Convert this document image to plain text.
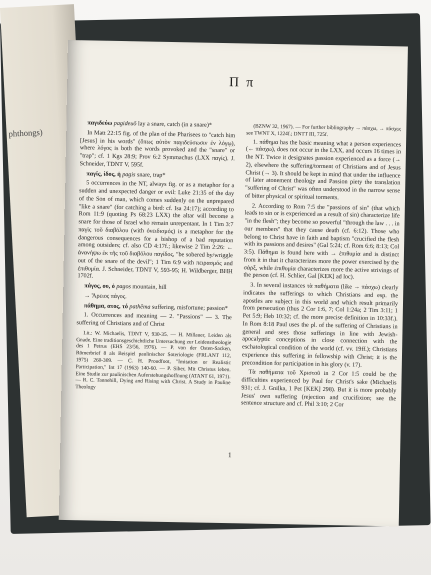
phthongs)
Π π

παγιδεύω pagideuō lay a snare, catch (in a snare)*

In Matt 22:15 fig. of the plan of the Pharisees to "catch him [Jesus] in his words" (ὅπως αὐτὸν παγιδεύσωσιν ἐν λόγῳ), where λόγος is both the words provoked and the "snare" or "trap"; cf. 1 Kgs 28:9; Prov 6:2 Symmachus (LXX παγίς). J. Schneider, TDNT V, 595f.

παγίς, ίδος, ἡ pagis snare, trap*

5 occurrences in the NT, always fig. or as a metaphor for a sudden and unexpected danger or evil: Luke 21:35 of the day of the Son of man, which comes suddenly on the unprepared "like a snare" (for catching a bird: cf. Isa 24:17); according to Rom 11:9 (quoting Ps 68:23 LXX) the altar will become a snare for those of Israel who remain unrepentant. In 1 Tim 3:7 παγὶς τοῦ διαβόλου (with ὀνειδισμός) is a metaphor for the dangerous consequences for a bishop of a bad reputation among outsiders; cf. also CD 4:17f.; likewise 2 Tim 2:26: ← ἀνανήψω ἐκ τῆς τοῦ διαβόλου παγίδος, "be sobered by/wriggle out of the snare of the devil"; 1 Tim 6:9 with πειρασμός and ἐπιθυμία. J. Schneider, TDNT V, 593-95; H. Wildberger, BHH 1702f.

πάγος, ου, ὁ pagos mountain, hill

→ Ἄρειος πάγος.

πάθημα, ατος, τό pathēma suffering, misfortune; passion*

1. Occurrences and meaning — 2. "Passions" — 3. The suffering of Christians and of Christ

Lit.: W. Michaelis, TDNT V, 930-35. — H. Millauer, Leiden als Gnade. Eine traditionsgeschichtliche Untersuchung zur Leidenstheologie des 1 Petrus (EHS 23/56, 1976). — P. von der Osten-Sacken, Römerbrief 8 als Beispiel paulinischer Soteriologie (FRLANT 112, 1975) 260-309. — C. H. Proudfoot, "Imitation or Realistic Participation," Int 17 (1963) 140-60. — P. Siber, Mit Christus leben. Eine Studie zur paulinischen Auferstehungshoffnung (ATANT 61, 1971). — R. C. Tannehill, Dying and Rising with Christ. A Study in Pauline Theology

(BZNW 32, 1967). — For further bibliography → πάσχω, → πάσχω; see TWNT X, 1224f.; DNTT III, 725f.

1. πάθημα has the basic meaning what a person experiences (← πάσχω), does not occur in the LXX, and occurs 16 times in the NT. Twice it designates passion experienced as a force (→ 2), elsewhere the suffering/torment of Christians and of Jesus Christ (→ 3). It should be kept in mind that under the influence of later atonement theology and Passion piety the translation "suffering of Christ" was often understood in the narrow sense of bitter physical or spiritual torments.

2. According to Rom 7:5 the "passions of sin" (that which leads to sin or is experienced as a result of sin) characterize life "in the flesh"; they become so powerful "through the law . . . in our members" that they cause death (cf. 6:12). Those who belong to Christ have in faith and baptism "crucified the flesh with its passions and desires" (Gal 5:24; cf. Rom 6:6; 8:13; Col 3:5). Πάθημα is found here with → ἐπιθυμία and is distinct from it in that it characterizes more the power exercised by the σάρξ, while ἐπιθυμία characterizes more the active strivings of the person (cf. H. Schlier, Gal [KEK] ad loc).

3. In several instances τὰ παθήματα (like → πάσχω) clearly indicates the sufferings to which Christians and esp. the apostles are subject in this world and which result primarily from persecution (thus 2 Cor 1:6, 7; Col 1:24a; 2 Tim 3:11; 1 Pet 5:9; Heb 10:32; cf. the more precise definition in 10:33f.). In Rom 8:18 Paul uses the pl. of the suffering of Christians in general and sees those sufferings in line with Jewish-apocalyptic conceptions in close connection with the eschatological condition of the world (cf. vv. 19ff.); Christians experience this suffering in fellowship with Christ; it is the precondition for participation in his glory (v. 17).

Τὰ παθήματα τοῦ Χριστοῦ in 2 Cor 1:5 could be the difficulties experienced by Paul for Christ's sake (Michaelis 931; cf. J. Gnilka, 1 Pet [KEK] 298). But it is more probably Jesus' own suffering (rejection and crucifixion; see the sentence structure and cf. Phil 3:10; 2 Cor

1
